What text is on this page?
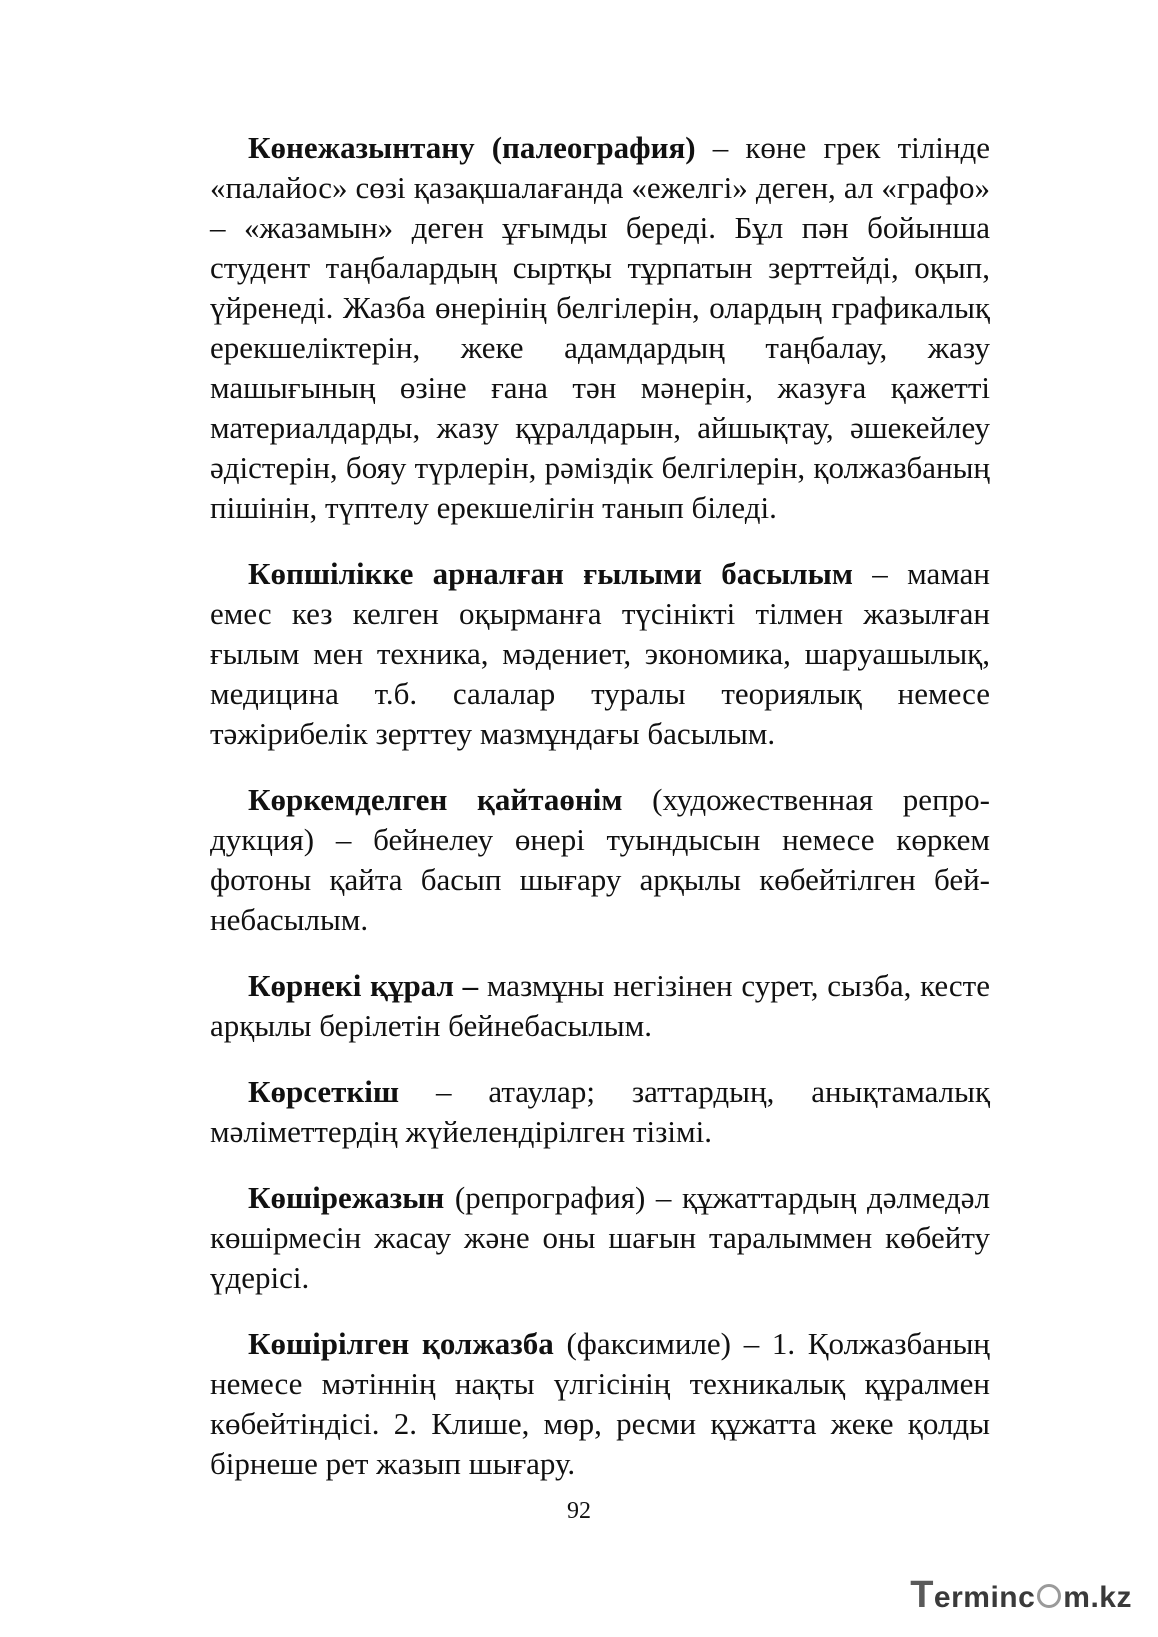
Көнежазынтану (палеография) – көне грек тілінде «палайос» сөзі қазақшалағанда «ежелгі» деген, ал «графо» – «жазамын» деген ұғымды береді. Бұл пән бойынша студент таңбалардың сыртқы тұрпатын зерттейді, оқып, үйренеді. Жазба өнерінің белгілерін, олардың графикалық ерекшеліктерін, жеке адамдардың таңбалау, жазу машығының өзіне ғана тән мәнерін, жазуға қажетті материалдарды, жазу құралдарын, айшықтау, әшекейлеу әдістерін, бояу түрлерін, рәміздік белгілерін, қолжазбаның пішінін, түптелу ерекшелігін танып біледі.

Көпшілікке арналған ғылыми басылым – маман емес кез келген оқырманға түсінікті тілмен жазылған ғылым мен техника, мәдениет, экономика, шаруашылық, медицина т.б. салалар туралы теориялық немесе тәжірибелік зерттеу мазмұндағы басылым.

Көркемделген қайтаөнім (художественная репродукция) – бейнелеу өнері туындысын немесе көркем фотоны қайта басып шығару арқылы көбейтілген бейнебасылым.

Көрнекі құрал – мазмұны негізінен сурет, сызба, кесте арқылы берілетін бейнебасылым.

Көрсеткіш – атаулар; заттардың, анықтамалық мәліметтердің жүйелендірілген тізімі.

Көшірежазын (репрография) – құжаттардың дәлмедәл көшірмесін жасау және оны шағын таралыммен көбейту үдерісі.

Көшірілген қолжазба (факсимиле) – 1. Қолжазбаның немесе мәтіннің нақты үлгісінің техникалық құралмен көбейтіндісі. 2. Клише, мөр, ресми құжатта жеке қолды бірнеше рет жазып шығару.

92
T erminc m.kz
